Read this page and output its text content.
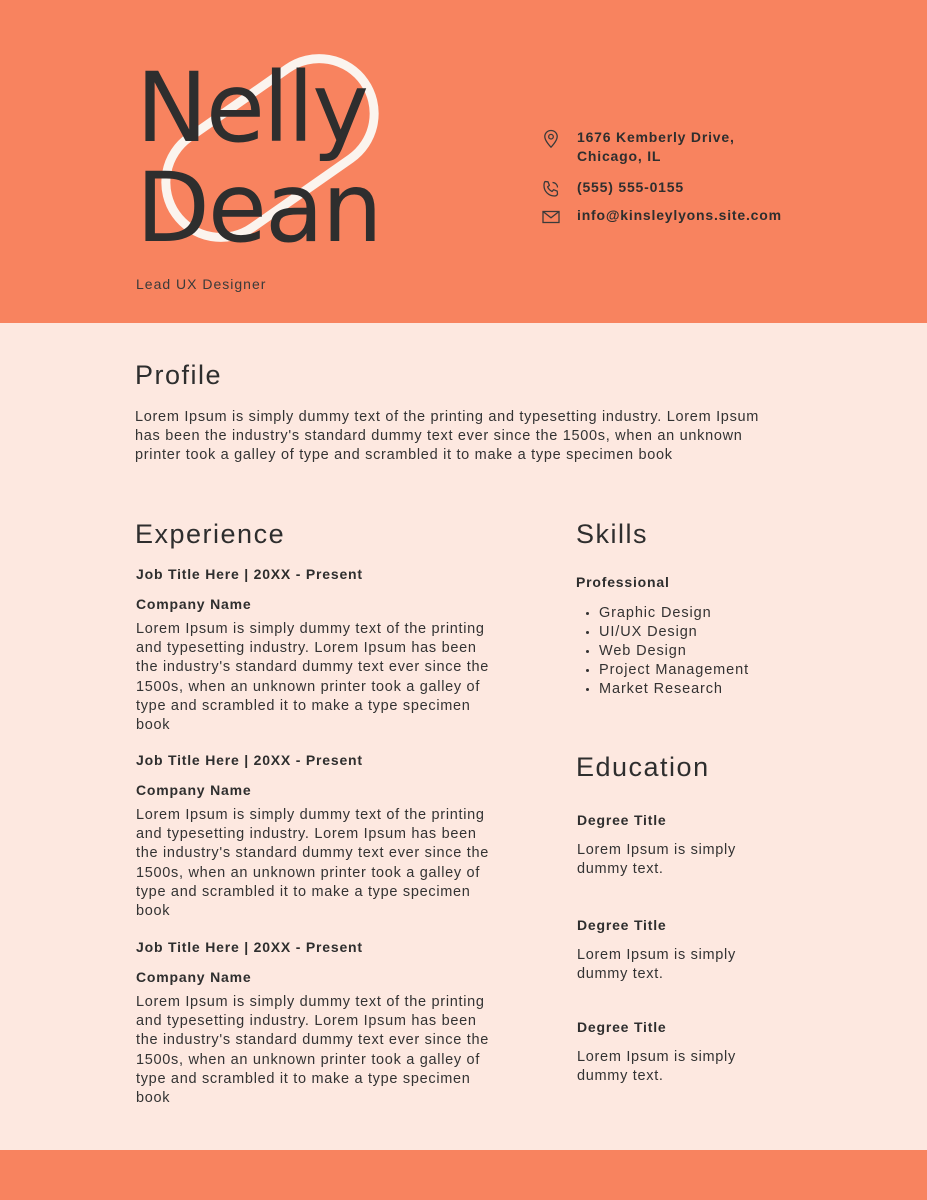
Nelly
Dean
Lead UX Designer
1676 Kemberly Drive,
Chicago, IL
(555) 555-0155
info@kinsleylyons.site.com
Profile

Lorem Ipsum is simply dummy text of the printing and typesetting industry. Lorem Ipsum has been the industry's standard dummy text ever since the 1500s, when an unknown printer took a galley of type and scrambled it to make a type specimen book

Experience
Job Title Here | 20XX - Present
Company Name

Lorem Ipsum is simply dummy text of the printing and typesetting industry. Lorem Ipsum has been the industry's standard dummy text ever since the 1500s, when an unknown printer took a galley of type and scrambled it to make a type specimen book

Job Title Here | 20XX - Present
Company Name

Lorem Ipsum is simply dummy text of the printing and typesetting industry. Lorem Ipsum has been the industry's standard dummy text ever since the 1500s, when an unknown printer took a galley of type and scrambled it to make a type specimen book

Job Title Here | 20XX - Present
Company Name

Lorem Ipsum is simply dummy text of the printing and typesetting industry. Lorem Ipsum has been the industry's standard dummy text ever since the 1500s, when an unknown printer took a galley of type and scrambled it to make a type specimen book

Skills
Professional
• Graphic Design
• UI/UX Design
• Web Design
• Project Management
• Market Research
Education
Degree Title

Lorem Ipsum is simply dummy text.

Degree Title

Lorem Ipsum is simply dummy text.

Degree Title

Lorem Ipsum is simply dummy text.
